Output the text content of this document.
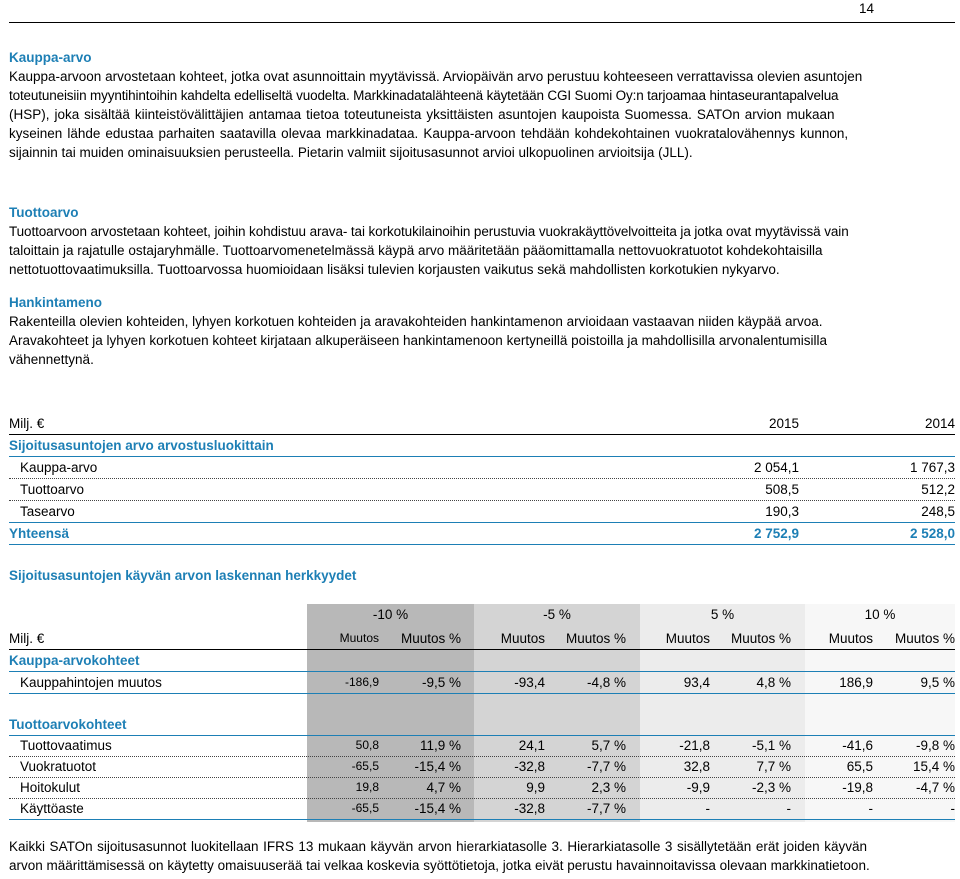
14
Kauppa-arvo
Kauppa-arvoon arvostetaan kohteet, jotka ovat asunnoittain myytävissä. Arviopäivän arvo perustuu kohteeseen verrattavissa olevien asuntojen
toteutuneisiin myyntihintoihin kahdelta edelliseltä vuodelta. Markkinadatalähteenä käytetään CGI Suomi Oy:n tarjoamaa hintaseurantapalvelua
(HSP), joka sisältää kiinteistövälittäjien antamaa tietoa toteutuneista yksittäisten asuntojen kaupoista Suomessa. SATOn arvion mukaan
kyseinen lähde edustaa parhaiten saatavilla olevaa markkinadataa. Kauppa-arvoon tehdään kohdekohtainen vuokratalovähennys kunnon,
sijainnin tai muiden ominaisuuksien perusteella. Pietarin valmiit sijoitusasunnot arvioi ulkopuolinen arvioitsija (JLL).
Tuottoarvo
Tuottoarvoon arvostetaan kohteet, joihin kohdistuu arava- tai korkotukilainoihin perustuvia vuokrakäyttövelvoitteita ja jotka ovat myytävissä vain
taloittain ja rajatulle ostajaryhmälle. Tuottoarvomenetelmässä käypä arvo määritetään pääomittamalla nettovuokratuotot kohdekohtaisilla
nettotuottovaatimuksilla. Tuottoarvossa huomioidaan lisäksi tulevien korjausten vaikutus sekä mahdollisten korkotukien nykyarvo.
Hankintameno
Rakenteilla olevien kohteiden, lyhyen korkotuen kohteiden ja aravakohteiden hankintamenon arvioidaan vastaavan niiden käypää arvoa.
Aravakohteet ja lyhyen korkotuen kohteet kirjataan alkuperäiseen hankintamenoon kertyneillä poistoilla ja mahdollisilla arvonalentumisilla
vähennettynä.
Milj. €	2015	2014
Sijoitusasuntojen arvo arvostusluokittain
Kauppa-arvo	2 054,1	1 767,3
Tuottoarvo	508,5	512,2
Tasearvo	190,3	248,5
Yhteensä	2 752,9	2 528,0
Sijoitusasuntojen käyvän arvon laskennan herkkyydet
-10 %	-5 %	5 %	10 %
Milj. €	Muutos Muutos %	Muutos Muutos %	Muutos Muutos %	Muutos Muutos %
Kauppa-arvokohteet
Kauppahintojen muutos	-186,9	-9,5 %	-93,4	-4,8 %	93,4	4,8 %	186,9	9,5 %
Tuottoarvokohteet
Tuottovaatimus	50,8	11,9 %	24,1	5,7 %	-21,8	-5,1 %	-41,6	-9,8 %
Vuokratuotot	-65,5	-15,4 %	-32,8	-7,7 %	32,8	7,7 %	65,5	15,4 %
Hoitokulut	19,8	4,7 %	9,9	2,3 %	-9,9	-2,3 %	-19,8	-4,7 %
Käyttöaste	-65,5	-15,4 %	-32,8	-7,7 %	-	-	-	-
Kaikki SATOn sijoitusasunnot luokitellaan IFRS 13 mukaan käyvän arvon hierarkiatasolle 3. Hierarkiatasolle 3 sisällytetään erät joiden käyvän
arvon määrittämisessä on käytetty omaisuuserää tai velkaa koskevia syöttötietoja, jotka eivät perustu havainnoitavissa olevaan markkinatietoon.
